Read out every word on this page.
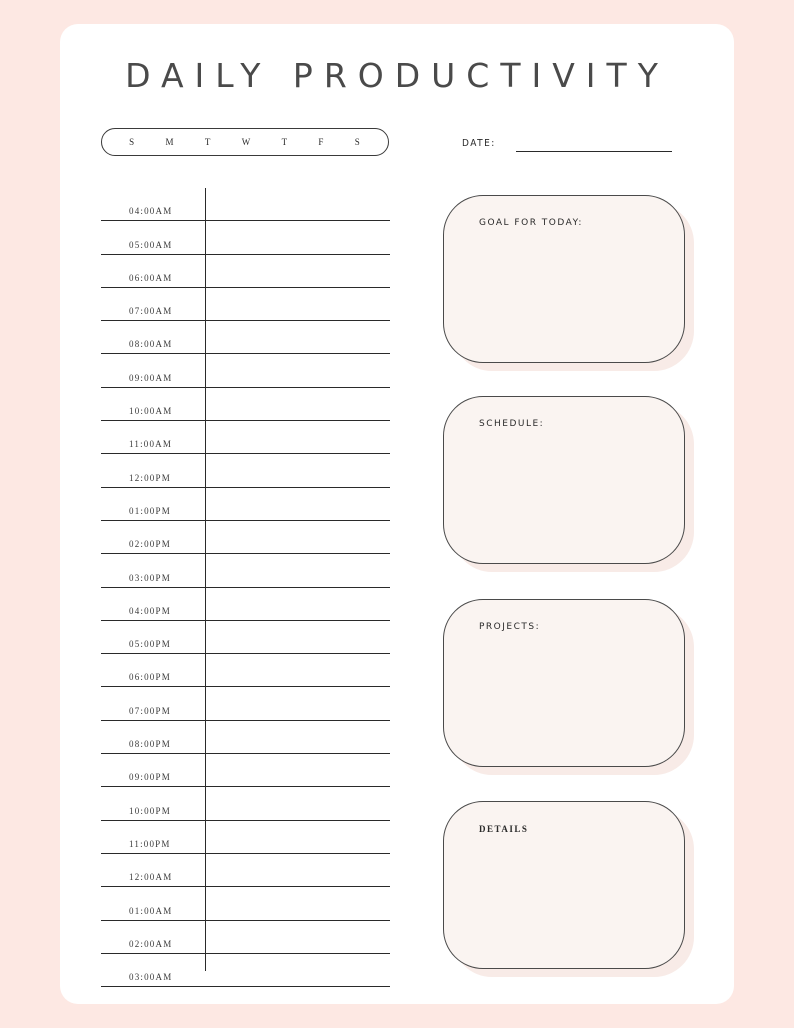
DAILY PRODUCTIVITY
S	M	T	W	T	F	S	DATE:
04:00AM
05:00AM
06:00AM
07:00AM
08:00AM
09:00AM
10:00AM
11:00AM
12:00PM
01:00PM
02:00PM
03:00PM
04:00PM
05:00PM
06:00PM
07:00PM
08:00PM
09:00PM
10:00PM
11:00PM
12:00AM
01:00AM
02:00AM
03:00AM
GOAL FOR TODAY:
SCHEDULE:
PROJECTS:
DETAILS
